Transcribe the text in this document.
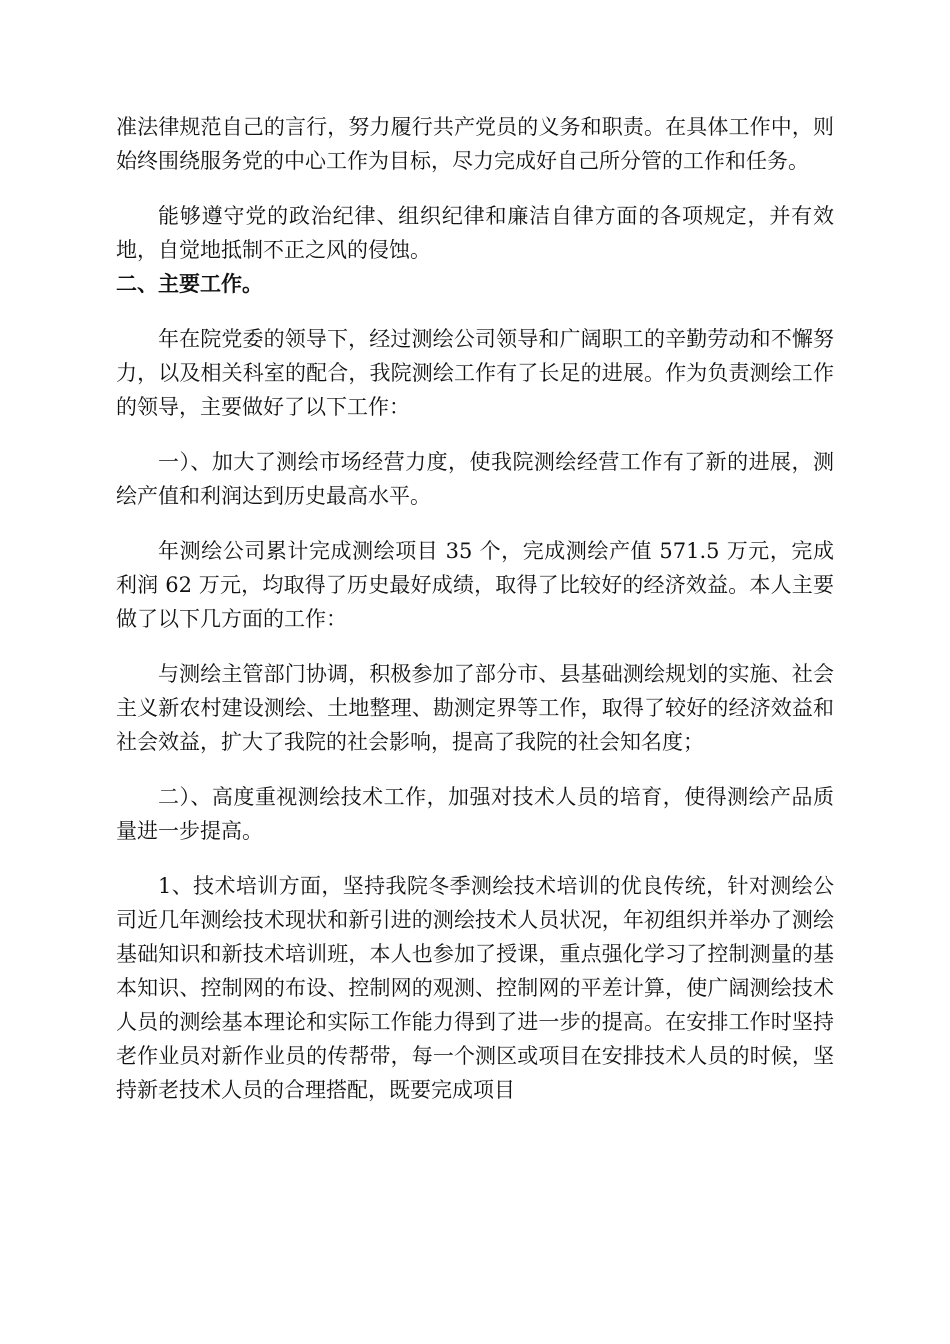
准法律规范自己的言行，努力履行共产党员的义务和职责。在具体工作中，则始终围绕服务党的中心工作为目标，尽力完成好自己所分管的工作和任务。

能够遵守党的政治纪律、组织纪律和廉洁自律方面的各项规定，并有效地，自觉地抵制不正之风的侵蚀。

二、主要工作。

年在院党委的领导下，经过测绘公司领导和广阔职工的辛勤劳动和不懈努力，以及相关科室的配合，我院测绘工作有了长足的进展。作为负责测绘工作的领导，主要做好了以下工作：

一）、加大了测绘市场经营力度，使我院测绘经营工作有了新的进展，测绘产值和利润达到历史最高水平。

年测绘公司累计完成测绘项目 35 个，完成测绘产值 571.5 万元，完成利润 62 万元，均取得了历史最好成绩，取得了比较好的经济效益。本人主要做了以下几方面的工作：

与测绘主管部门协调，积极参加了部分市、县基础测绘规划的实施、社会主义新农村建设测绘、土地整理、勘测定界等工作，取得了较好的经济效益和社会效益，扩大了我院的社会影响，提高了我院的社会知名度；

二）、高度重视测绘技术工作，加强对技术人员的培育，使得测绘产品质量进一步提高。

1、技术培训方面，坚持我院冬季测绘技术培训的优良传统，针对测绘公司近几年测绘技术现状和新引进的测绘技术人员状况，年初组织并举办了测绘基础知识和新技术培训班，本人也参加了授课，重点强化学习了控制测量的基本知识、控制网的布设、控制网的观测、控制网的平差计算，使广阔测绘技术人员的测绘基本理论和实际工作能力得到了进一步的提高。在安排工作时坚持老作业员对新作业员的传帮带，每一个测区或项目在安排技术人员的时候，坚持新老技术人员的合理搭配，既要完成项目
